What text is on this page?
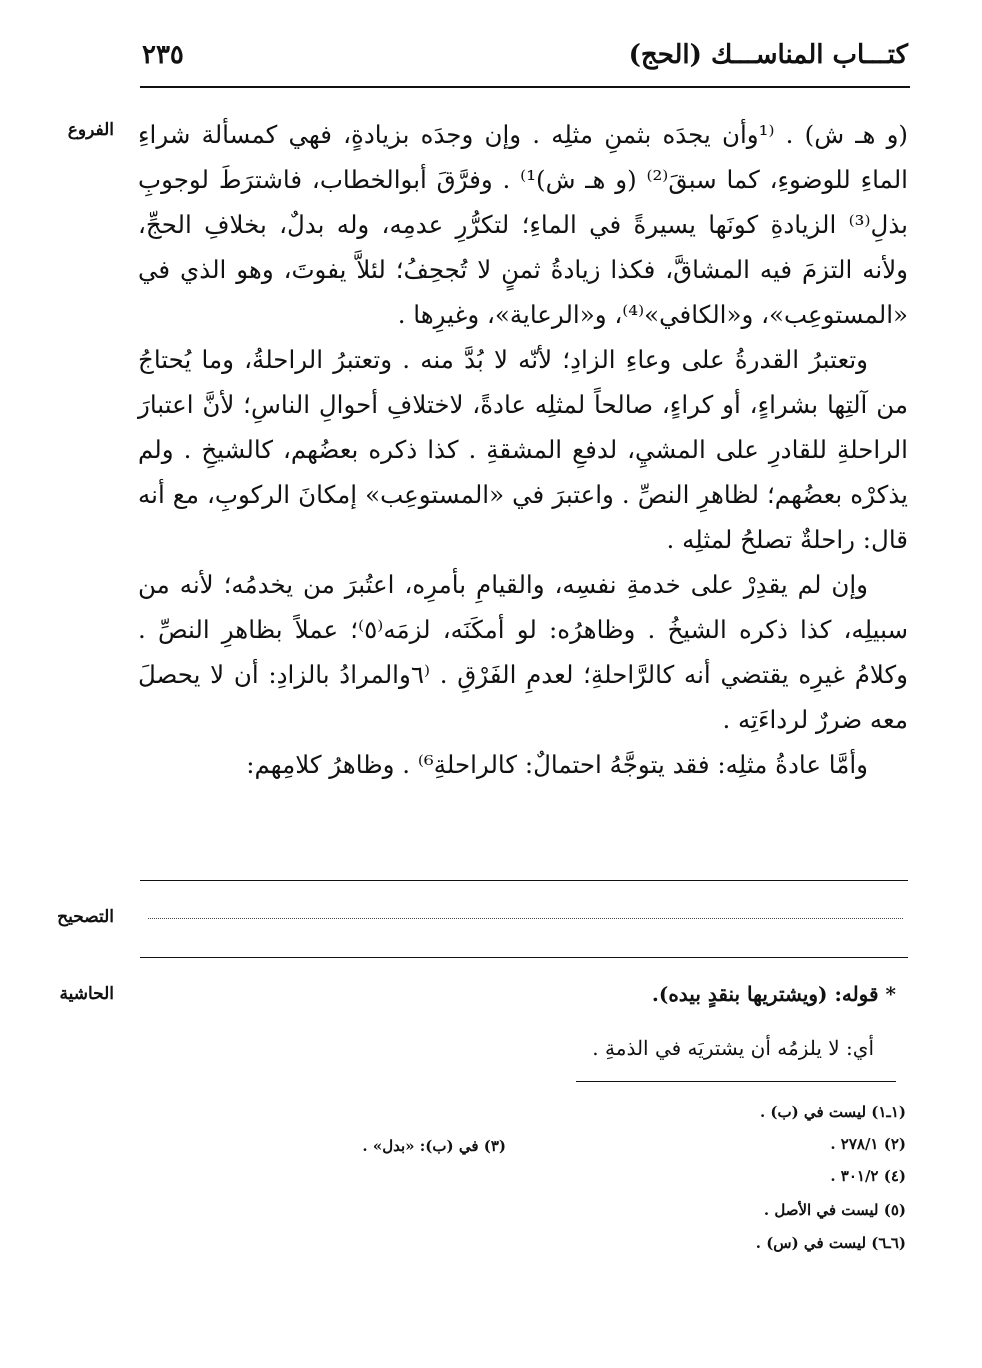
كتـــاب المناســـك (الحج)
٢٣٥
الفروع (و هـ ش) . ⁽¹وأن يجدَه بثمنِ مثلِه . وإن وجدَه بزيادةٍ، فهي كمسألة شراءِ الماءِ للوضوءِ، كما سبقَ⁽²⁾ (و هـ ش)¹⁾ . وفرَّقَ أبوالخطاب، فاشترَطَ لوجوبِ بذلِ⁽³⁾ الزيادةِ كونَها يسيرةً في الماءِ؛ لتكرُّرِ عدمِه، وله بدلٌ، بخلافِ الحجِّ، ولأنه التزمَ فيه المشاقَّ، فكذا زيادةُ ثمنٍ لا تُجحِفُ؛ لئلاَّ يفوتَ، وهو الذي في «المستوعِب»، و«الكافي»⁽⁴⁾، و«الرعاية»، وغيرِها .

وتعتبرُ القدرةُ على وعاءِ الزادِ؛ لأنّه لا بُدَّ منه . وتعتبرُ الراحلةُ، وما يُحتاجُ من آلتِها بشراءٍ، أو كراءٍ، صالحاً لمثلِه عادةً، لاختلافِ أحوالِ الناسِ؛ لأنَّ اعتبارَ الراحلةِ للقادرِ على المشيِ، لدفعِ المشقةِ . كذا ذكره بعضُهم، كالشيخِ . ولم يذكرْه بعضُهم؛ لظاهرِ النصِّ . واعتبرَ في «المستوعِب» إمكانَ الركوبِ، مع أنه قال: راحلةٌ تصلحُ لمثلِه .

وإن لم يقدِرْ على خدمةِ نفسِه، والقيامِ بأمرِه، اعتُبرَ من يخدمُه؛ لأنه من سبيلِه، كذا ذكره الشيخُ . وظاهرُه: لو أمكَنَه، لزمَه⁽٥⁾؛ عملاً بظاهرِ النصِّ . وكلامُ غيرِه يقتضي أنه كالرَّاحلةِ؛ لعدمِ الفَرْقِ . ⁽٦والمرادُ بالزادِ: أن لا يحصلَ معه ضررٌ لرداءَتِه .

وأمَّا عادةُ مثلِه: فقد يتوجَّهُ احتمالٌ: كالراحلةِ⁶⁾ . وظاهرُ كلامِهم:

التصحيح
الحاشية	* قوله: (ويشتريها بنقدٍ بيده).
أي: لا يلزمُه أن يشتريَه في الذمةِ .
(١ـ١) ليست في (ب) .
(٢) ٢٧٨/١ .
(٣) في (ب): «بدل» .
(٤) ٣٠١/٢ .
(٥) ليست في الأصل .
(٦ـ٦) ليست في (س) .
